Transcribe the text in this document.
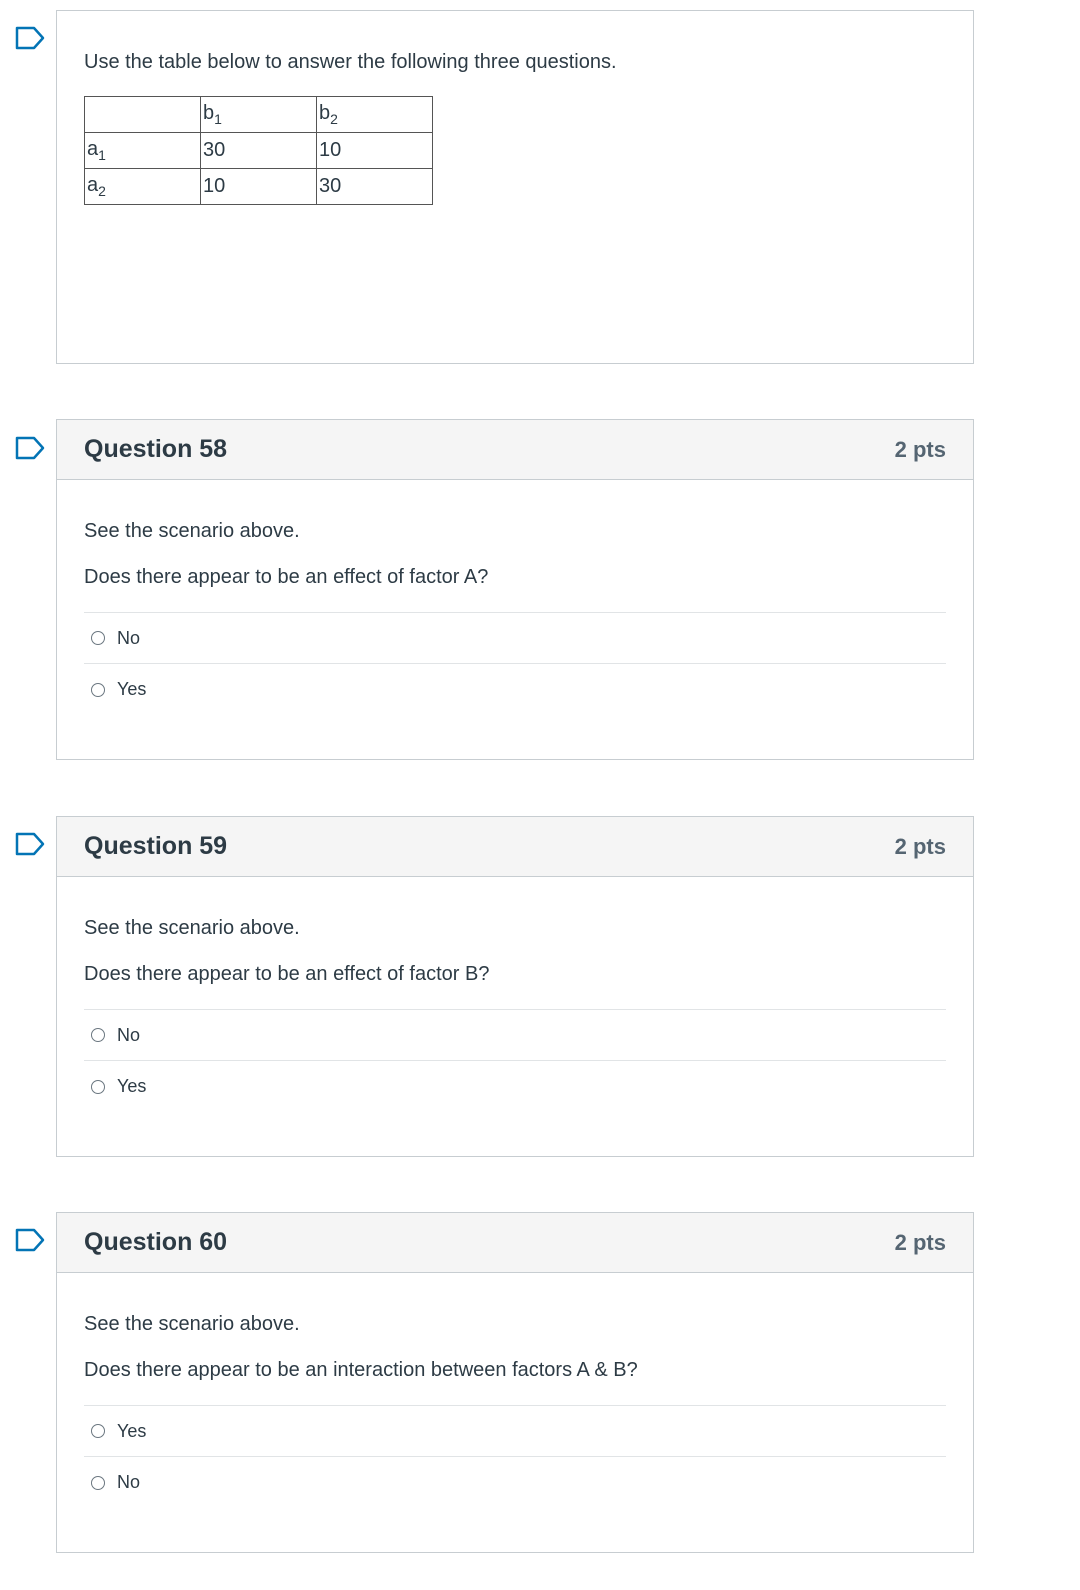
Use the table below to answer the following three questions.

	$b_1$	$b_2$
$a_1$	30	10
$a_2$	10	30
Question 58	2 pts

See the scenario above.

Does there appear to be an effect of factor A?

No
Yes
Question 59	2 pts

See the scenario above.

Does there appear to be an effect of factor B?

No
Yes
Question 60	2 pts

See the scenario above.

Does there appear to be an interaction between factors A & B?

Yes
No
